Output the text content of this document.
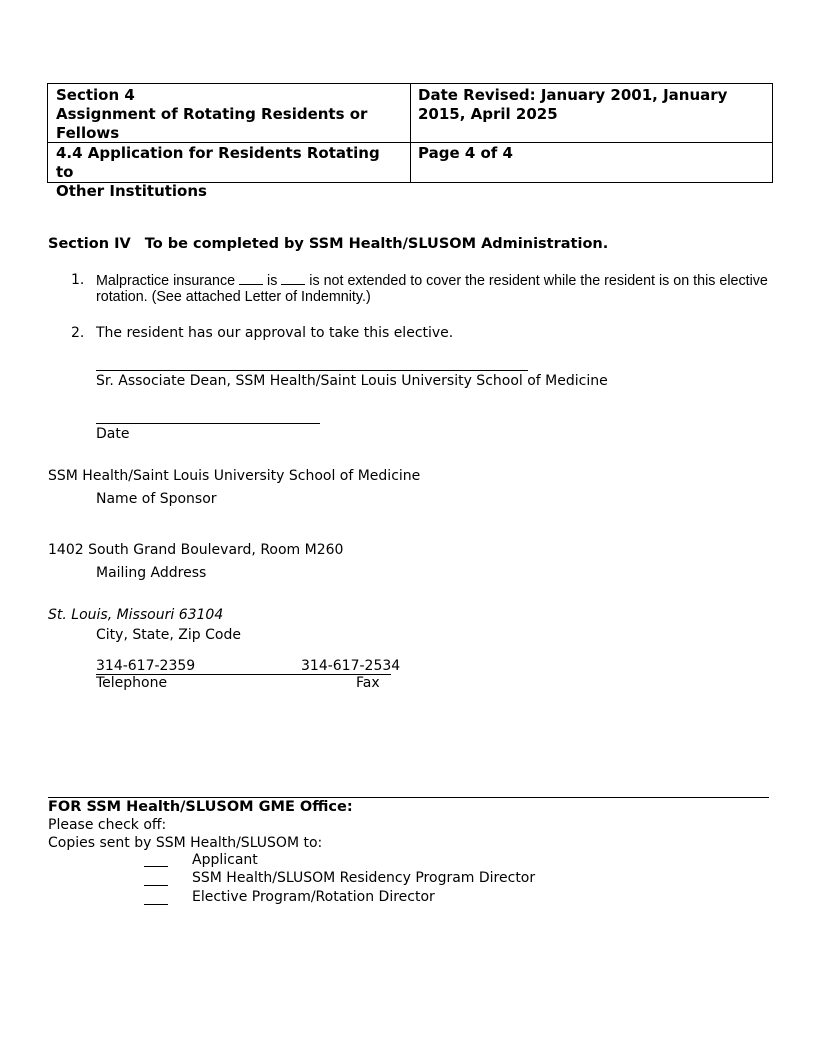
Section 4
Assignment of Rotating Residents or
Fellows
Date Revised: January 2001, January
2015, April 2025
4.4 Application for Residents Rotating to
Other Institutions
Page 4 of 4
Section IV To be completed by SSM Health/SLUSOM Administration.
1. Malpractice insurance  is  is not extended to cover the resident while the resident is on this elective
rotation. (See attached Letter of Indemnity.)
2. The resident has our approval to take this elective.
Sr. Associate Dean, SSM Health/Saint Louis University School of Medicine
Date
SSM Health/Saint Louis University School of Medicine
Name of Sponsor
1402 South Grand Boulevard, Room M260
Mailing Address
St. Louis, Missouri 63104
City, State, Zip Code
314-617-2359	314-617-2534
Telephone	Fax
FOR SSM Health/SLUSOM GME Office:
Please check off:
Copies sent by SSM Health/SLUSOM to:
Applicant
SSM Health/SLUSOM Residency Program Director
Elective Program/Rotation Director
